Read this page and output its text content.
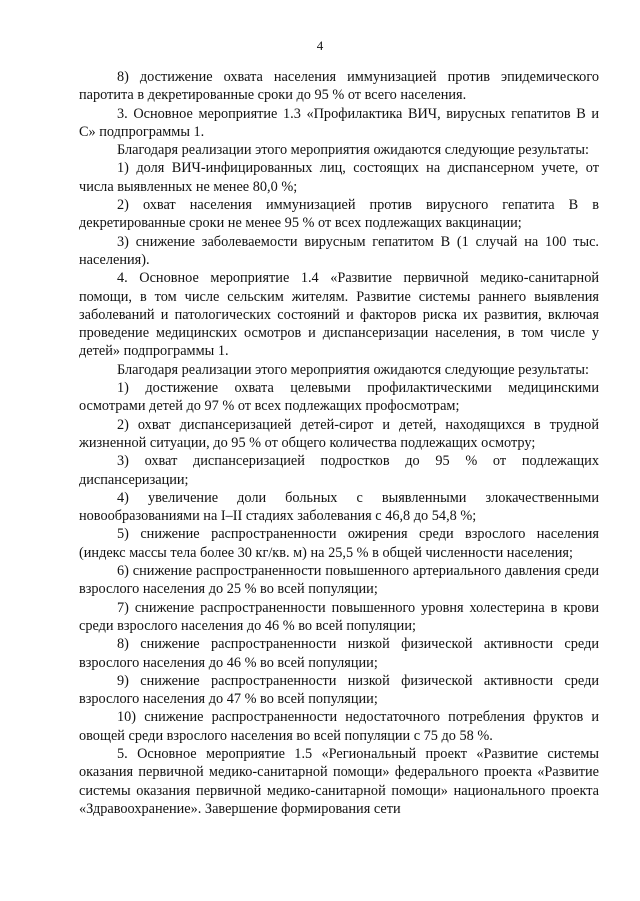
4

8) достижение охвата населения иммунизацией против эпидемического паротита в декретированные сроки до 95 % от всего населения.

3. Основное мероприятие 1.3 «Профилактика ВИЧ, вирусных гепатитов В и С» подпрограммы 1.

Благодаря реализации этого мероприятия ожидаются следующие результаты:

1) доля ВИЧ-инфицированных лиц, состоящих на диспансерном учете, от числа выявленных не менее 80,0 %;

2) охват населения иммунизацией против вирусного гепатита В в декретированные сроки не менее 95 % от всех подлежащих вакцинации;

3) снижение заболеваемости вирусным гепатитом В (1 случай на 100 тыс. населения).

4. Основное мероприятие 1.4 «Развитие первичной медико-санитарной помощи, в том числе сельским жителям. Развитие системы раннего выявления заболеваний и патологических состояний и факторов риска их развития, включая проведение медицинских осмотров и диспансеризации населения, в том числе у детей» подпрограммы 1.

Благодаря реализации этого мероприятия ожидаются следующие результаты:

1) достижение охвата целевыми профилактическими медицинскими осмотрами детей до 97 % от всех подлежащих профосмотрам;

2) охват диспансеризацией детей-сирот и детей, находящихся в трудной жизненной ситуации, до 95 % от общего количества подлежащих осмотру;

3) охват диспансеризацией подростков до 95 % от подлежащих диспансеризации;

4) увеличение доли больных с выявленными злокачественными новообразованиями на I–II стадиях заболевания с 46,8 до 54,8 %;

5) снижение распространенности ожирения среди взрослого населения (индекс массы тела более 30 кг/кв. м) на 25,5 % в общей численности населения;

6) снижение распространенности повышенного артериального давления среди взрослого населения до 25 % во всей популяции;

7) снижение распространенности повышенного уровня холестерина в крови среди взрослого населения до 46 % во всей популяции;

8) снижение распространенности низкой физической активности среди взрослого населения до 46 % во всей популяции;

9) снижение распространенности низкой физической активности среди взрослого населения до 47 % во всей популяции;

10) снижение распространенности недостаточного потребления фруктов и овощей среди взрослого населения во всей популяции с 75 до 58 %.

5. Основное мероприятие 1.5 «Региональный проект «Развитие системы оказания первичной медико-санитарной помощи» федерального проекта «Развитие системы оказания первичной медико-санитарной помощи» национального проекта «Здравоохранение». Завершение формирования сети
